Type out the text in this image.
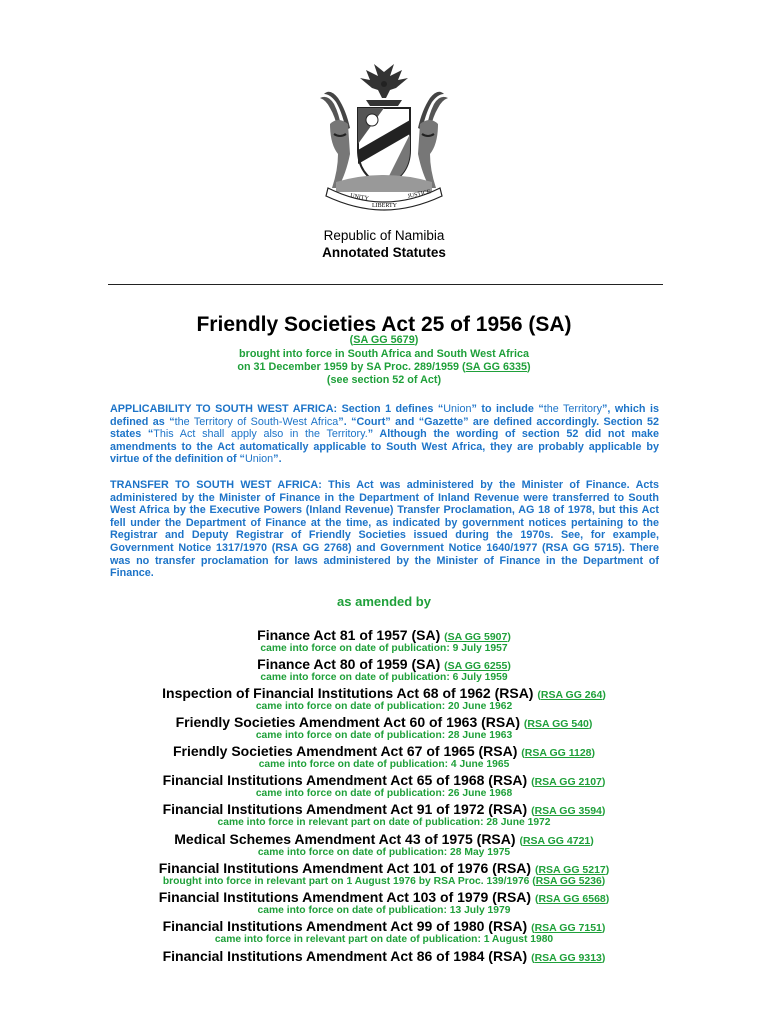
UNITY
LIBERTY
JUSTICE
Republic of Namibia
Annotated Statutes
Friendly Societies Act 25 of 1956 (SA)
(SA GG 5679)
brought into force in South Africa and South West Africa
on 31 December 1959 by SA Proc. 289/1959 (SA GG 6335)
(see section 52 of Act)
APPLICABILITY TO SOUTH WEST AFRICA: Section 1 defines “Union” to include “the Territory”, which is defined as “the Territory of South-West Africa”. “Court” and “Gazette” are defined accordingly. Section 52 states “This Act shall apply also in the Territory.” Although the wording of section 52 did not make amendments to the Act automatically applicable to South West Africa, they are probably applicable by virtue of the definition of “Union”.
TRANSFER TO SOUTH WEST AFRICA: This Act was administered by the Minister of Finance. Acts administered by the Minister of Finance in the Department of Inland Revenue were transferred to South West Africa by the Executive Powers (Inland Revenue) Transfer Proclamation, AG 18 of 1978, but this Act fell under the Department of Finance at the time, as indicated by government notices pertaining to the Registrar and Deputy Registrar of Friendly Societies issued during the 1970s. See, for example, Government Notice 1317/1970 (RSA GG 2768) and Government Notice 1640/1977 (RSA GG 5715). There was no transfer proclamation for laws administered by the Minister of Finance in the Department of Finance.
as amended by
Finance Act 81 of 1957 (SA) (SA GG 5907)
came into force on date of publication: 9 July 1957
Finance Act 80 of 1959 (SA) (SA GG 6255)
came into force on date of publication: 6 July 1959
Inspection of Financial Institutions Act 68 of 1962 (RSA) (RSA GG 264)
came into force on date of publication: 20 June 1962
Friendly Societies Amendment Act 60 of 1963 (RSA) (RSA GG 540)
came into force on date of publication: 28 June 1963
Friendly Societies Amendment Act 67 of 1965 (RSA) (RSA GG 1128)
came into force on date of publication: 4 June 1965
Financial Institutions Amendment Act 65 of 1968 (RSA) (RSA GG 2107)
came into force on date of publication: 26 June 1968
Financial Institutions Amendment Act 91 of 1972 (RSA) (RSA GG 3594)
came into force in relevant part on date of publication: 28 June 1972
Medical Schemes Amendment Act 43 of 1975 (RSA) (RSA GG 4721)
came into force on date of publication: 28 May 1975
Financial Institutions Amendment Act 101 of 1976 (RSA) (RSA GG 5217)
brought into force in relevant part on 1 August 1976 by RSA Proc. 139/1976 (RSA GG 5236)
Financial Institutions Amendment Act 103 of 1979 (RSA) (RSA GG 6568)
came into force on date of publication: 13 July 1979
Financial Institutions Amendment Act 99 of 1980 (RSA) (RSA GG 7151)
came into force in relevant part on date of publication: 1 August 1980
Financial Institutions Amendment Act 86 of 1984 (RSA) (RSA GG 9313)
